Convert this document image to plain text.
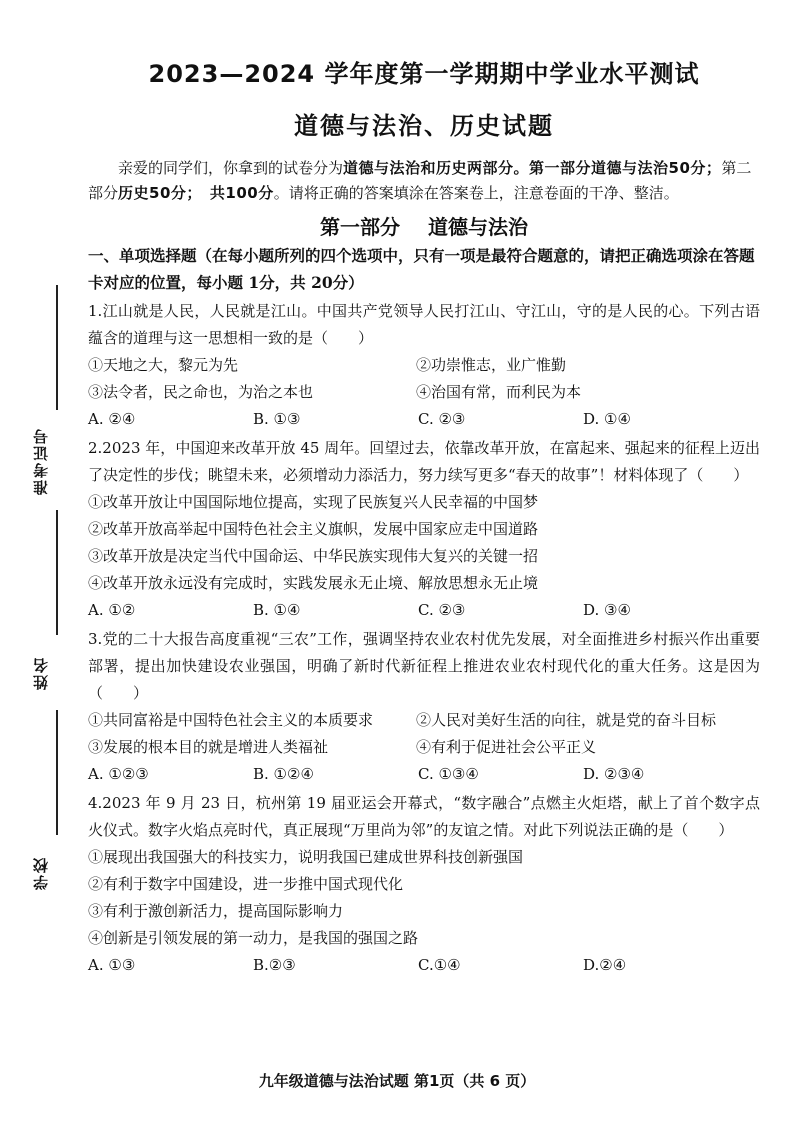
准考证号
姓名
学校
2023—2024 学年度第一学期期中学业水平测试
道德与法治、历史试题
亲爱的同学们，你拿到的试卷分为道德与法治和历史两部分。第一部分道德与法治50分；第二部分历史50分；　共100分。请将正确的答案填涂在答案卷上，注意卷面的干净、整洁。
第一部分 道德与法治
一、单项选择题（在每小题所列的四个选项中，只有一项是最符合题意的，请把正确选项涂在答题卡对应的位置，每小题 1分，共 20分）
1.江山就是人民，人民就是江山。中国共产党领导人民打江山、守江山，守的是人民的心。下列古语蕴含的道理与这一思想相一致的是（　　）
①天地之大，黎元为先	②功崇惟志，业广惟勤
③法令者，民之命也，为治之本也	④治国有常，而利民为本
A. ②④	B. ①③	C. ②③	D. ①④
2.2023 年，中国迎来改革开放 45 周年。回望过去，依靠改革开放，在富起来、强起来的征程上迈出了决定性的步伐；眺望未来，必须增动力添活力，努力续写更多“春天的故事”！材料体现了（　　）
①改革开放让中国国际地位提高，实现了民族复兴人民幸福的中国梦
②改革开放高举起中国特色社会主义旗帜，发展中国家应走中国道路
③改革开放是决定当代中国命运、中华民族实现伟大复兴的关键一招
④改革开放永远没有完成时，实践发展永无止境、解放思想永无止境
A. ①②	B. ①④	C. ②③	D. ③④
3.党的二十大报告高度重视“三农”工作，强调坚持农业农村优先发展，对全面推进乡村振兴作出重要部署，提出加快建设农业强国，明确了新时代新征程上推进农业农村现代化的重大任务。这是因为（　　）
①共同富裕是中国特色社会主义的本质要求	②人民对美好生活的向往，就是党的奋斗目标
③发展的根本目的就是增进人类福祉	④有利于促进社会公平正义
A. ①②③	B. ①②④	C. ①③④	D. ②③④
4.2023 年 9 月 23 日，杭州第 19 届亚运会开幕式，“数字融合”点燃主火炬塔，献上了首个数字点火仪式。数字火焰点亮时代，真正展现“万里尚为邻”的友谊之情。对此下列说法正确的是（　　）
①展现出我国强大的科技实力，说明我国已建成世界科技创新强国
②有利于数字中国建设，进一步推中国式现代化
③有利于激创新活力，提高国际影响力
④创新是引领发展的第一动力，是我国的强国之路
A. ①③	B.②③	C.①④	D.②④
九年级道德与法治试题 第1页（共 6 页）
